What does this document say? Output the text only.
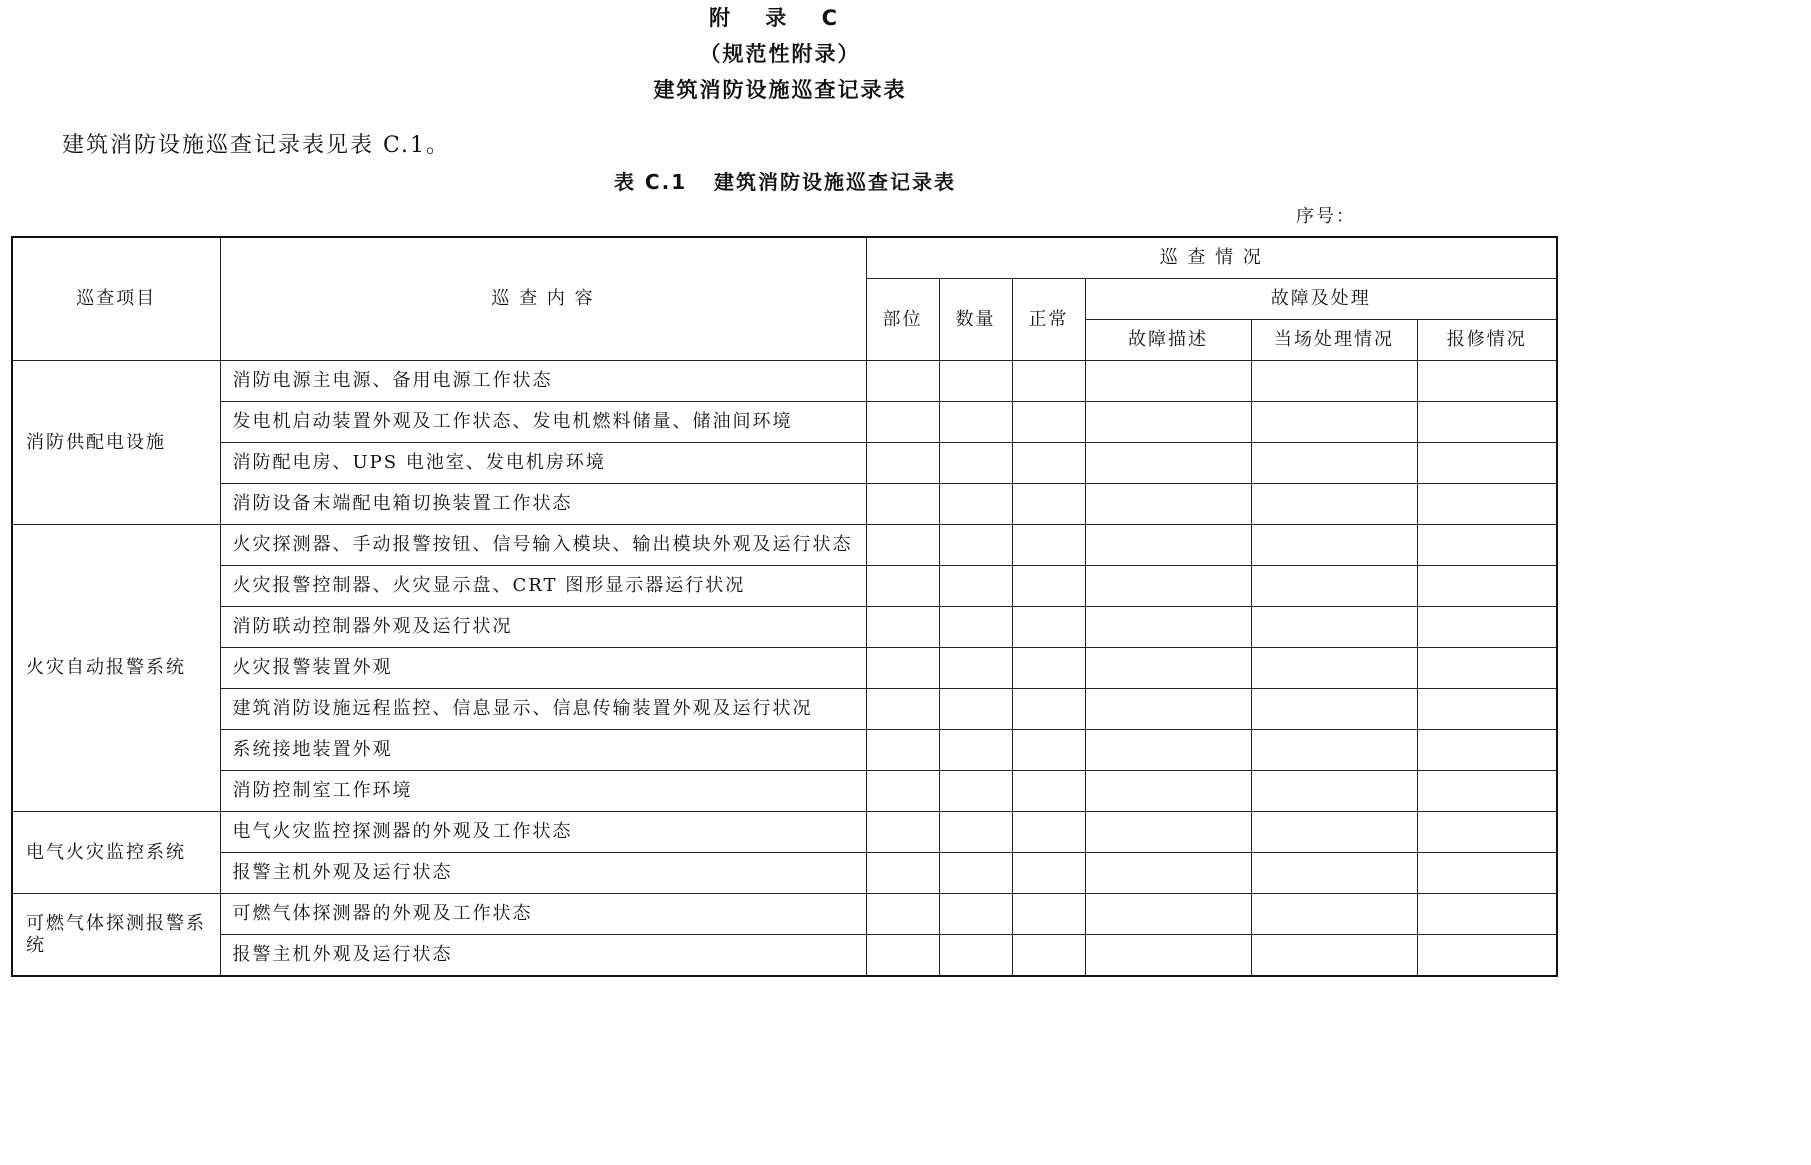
附 录 C
（规范性附录）
建筑消防设施巡查记录表
建筑消防设施巡查记录表见表 C.1。
表 C.1   建筑消防设施巡查记录表
序号：
巡查项目	巡 查 内 容	巡 查 情 况					
		部位	数量	正常	故障及处理		
					故障描述	当场处理情况	报修情况
消防供配电设施	消防电源主电源、备用电源工作状态						
	发电机启动装置外观及工作状态、发电机燃料储量、储油间环境						
	消防配电房、UPS 电池室、发电机房环境						
	消防设备末端配电箱切换装置工作状态						
火灾自动报警系统	火灾探测器、手动报警按钮、信号输入模块、输出模块外观及运行状态						
	火灾报警控制器、火灾显示盘、CRT 图形显示器运行状况						
	消防联动控制器外观及运行状况						
	火灾报警装置外观						
	建筑消防设施远程监控、信息显示、信息传输装置外观及运行状况						
	系统接地装置外观						
	消防控制室工作环境						
电气火灾监控系统	电气火灾监控探测器的外观及工作状态						
	报警主机外观及运行状态						
可燃气体探测报警系统	可燃气体探测器的外观及工作状态						
	报警主机外观及运行状态						
